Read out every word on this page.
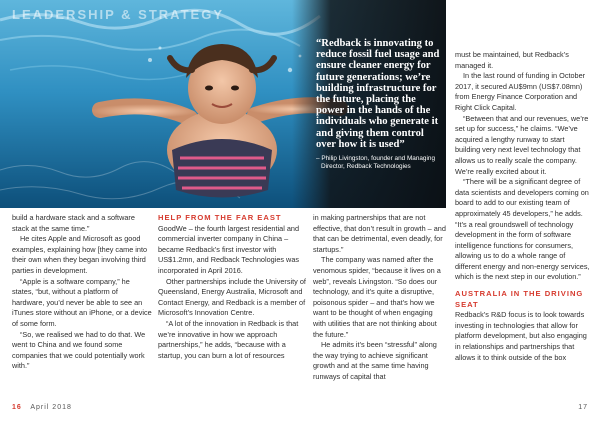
LEADERSHIP & STRATEGY
“Redback is innovating to reduce fossil fuel usage and ensure cleaner energy for future generations; we’re building infrastructure for the future, placing the power in the hands of the individuals who generate it and giving them control over how it is used”
– Philip Livingston, founder and Managing
Director, Redback Technologies

build a hardware stack and a software stack at the same time.”

He cites Apple and Microsoft as good examples, explaining how [they came into their own when they began involving third parties in development.

“Apple is a software company,” he states, “but, without a platform of hardware, you’d never be able to see an iTunes store without an iPhone, or a device of some form.

“So, we realised we had to do that. We went to China and we found some companies that we could potentially work with.”

HELP FROM THE FAR EAST

GoodWe – the fourth largest residential and commercial inverter company in China – became Redback’s first investor with US$1.2mn, and Redback Technologies was incorporated in April 2016.

Other partnerships include the University of Queensland, Energy Australia, Microsoft and Contact Energy, and Redback is a member of Microsoft’s Innovation Centre.

“A lot of the innovation in Redback is that we’re innovative in how we approach partnerships,” he adds, “because with a startup, you can burn a lot of resources

in making partnerships that are not effective, that don’t result in growth – and that can be detrimental, even deadly, for startups.”

The company was named after the venomous spider, “because it lives on a web”, reveals Livingston. “So does our technology, and it’s quite a disruptive, poisonous spider – and that’s how we want to be thought of when engaging with utilities that are not thinking about the future.”

He admits it’s been “stressful” along the way trying to achieve significant growth and at the same time having runways of capital that

must be maintained, but Redback’s managed it.

In the last round of funding in October 2017, it secured AU$9mn (US$7.08mn) from Energy Finance Corporation and Right Click Capital.

“Between that and our revenues, we’re set up for success,” he claims. “We’ve acquired a lengthy runway to start building very next level technology that allows us to really scale the company. We’re really excited about it.

“There will be a significant degree of data scientists and developers coming on board to add to our existing team of approximately 45 developers,” he adds. “It’s a real groundswell of technology development in the form of software intelligence functions for consumers, allowing us to do a whole range of different energy and non-energy services, which is the next step in our evolution.”

AUSTRALIA IN THE DRIVING SEAT

Redback’s R&D focus is to look towards investing in technologies that allow for platform development, but also engaging in relationships and partnerships that allows it to think outside of the box

16 April 2018	17
